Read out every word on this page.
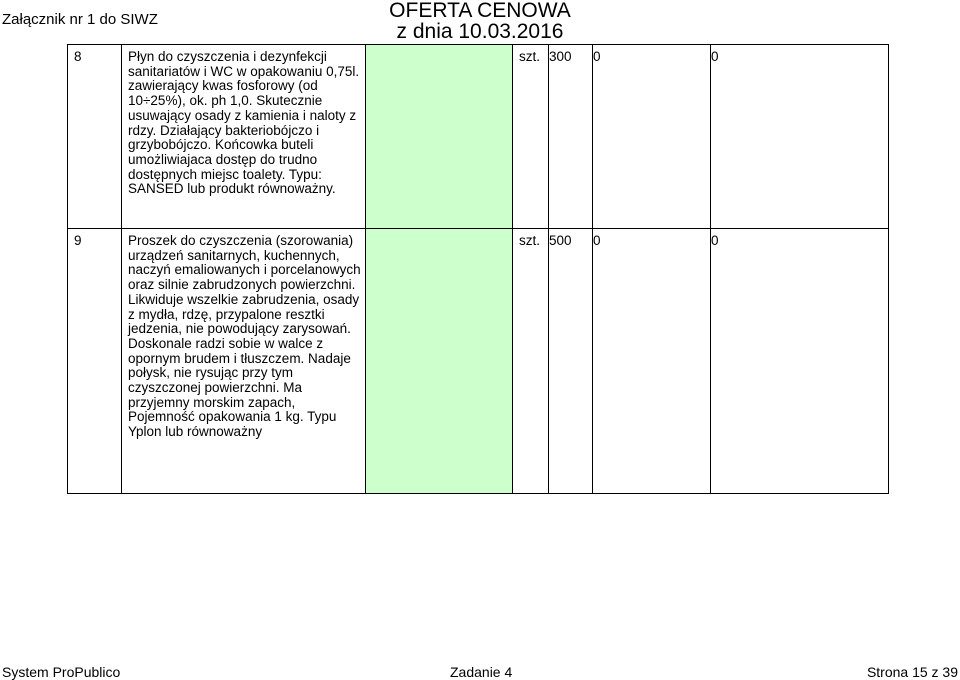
Załącznik nr 1 do SIWZ	OFERTA CENOWA
z dnia 10.03.2016
8	Płyn do czyszczenia i dezynfekcji sanitariatów i WC w opakowaniu 0,75l. zawierający kwas fosforowy (od 10÷25%), ok. ph 1,0. Skutecznie usuwający osady z kamienia i naloty z rdzy. Działający bakteriobójczo i grzybobójczo. Końcowka buteli umożliwiajaca dostęp do trudno dostępnych miejsc toalety. Typu: SANSED lub produkt równoważny.		szt.	300	0	0
9	Proszek do czyszczenia (szorowania) urządzeń sanitarnych, kuchennych, naczyń emaliowanych i porcelanowych oraz silnie zabrudzonych powierzchni. Likwiduje wszelkie zabrudzenia, osady z mydła, rdzę, przypalone resztki jedzenia, nie powodujący zarysowań. Doskonale radzi sobie w walce z opornym brudem i tłuszczem. Nadaje połysk, nie rysując przy tym czyszczonej powierzchni. Ma przyjemny morskim zapach, Pojemność opakowania 1 kg. Typu Yplon lub równoważny		szt.	500	0	0
System ProPublico	Zadanie 4	Strona 15 z 39
